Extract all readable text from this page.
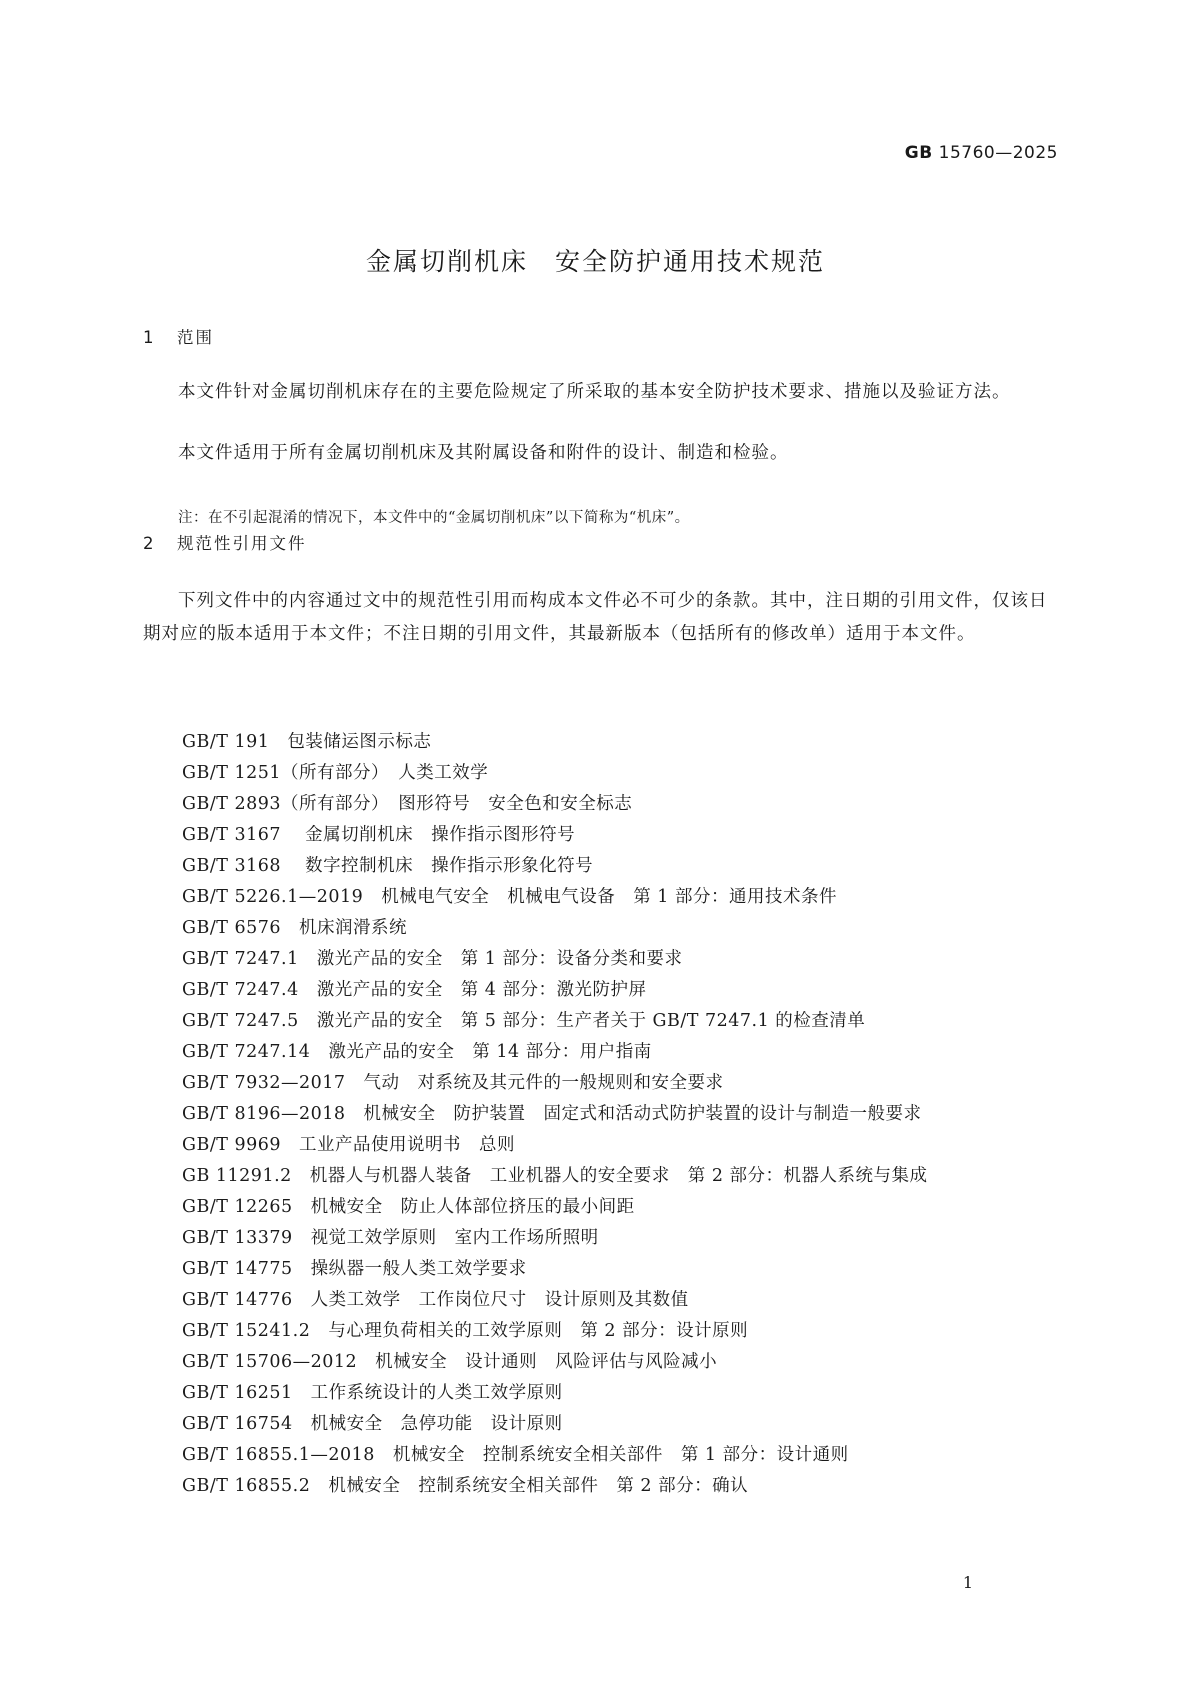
GB 15760—2025
金属切削机床　安全防护通用技术规范
1 范围

本文件针对金属切削机床存在的主要危险规定了所采取的基本安全防护技术要求、措施以及验证方法。

本文件适用于所有金属切削机床及其附属设备和附件的设计、制造和检验。

注：在不引起混淆的情况下，本文件中的“金属切削机床”以下简称为“机床”。
2 规范性引用文件

下列文件中的内容通过文中的规范性引用而构成本文件必不可少的条款。其中，注日期的引用文件，仅该日期对应的版本适用于本文件；不注日期的引用文件，其最新版本（包括所有的修改单）适用于本文件。

GB/T 191　包装储运图示标志
GB/T 1251（所有部分）　人类工效学
GB/T 2893（所有部分）　图形符号　安全色和安全标志
GB/T 3167　 金属切削机床　操作指示图形符号
GB/T 3168　 数字控制机床　操作指示形象化符号
GB/T 5226.1—2019　机械电气安全　机械电气设备　第 1 部分：通用技术条件
GB/T 6576　机床润滑系统
GB/T 7247.1　激光产品的安全　第 1 部分：设备分类和要求
GB/T 7247.4　激光产品的安全　第 4 部分：激光防护屏
GB/T 7247.5　激光产品的安全　第 5 部分：生产者关于 GB/T 7247.1 的检查清单
GB/T 7247.14　激光产品的安全　第 14 部分：用户指南
GB/T 7932—2017　气动　对系统及其元件的一般规则和安全要求
GB/T 8196—2018　机械安全　防护装置　固定式和活动式防护装置的设计与制造一般要求
GB/T 9969　工业产品使用说明书　总则
GB 11291.2　机器人与机器人装备　工业机器人的安全要求　第 2 部分：机器人系统与集成
GB/T 12265　机械安全　防止人体部位挤压的最小间距
GB/T 13379　视觉工效学原则　室内工作场所照明
GB/T 14775　操纵器一般人类工效学要求
GB/T 14776　人类工效学　工作岗位尺寸　设计原则及其数值
GB/T 15241.2　与心理负荷相关的工效学原则　第 2 部分：设计原则
GB/T 15706—2012　机械安全　设计通则　风险评估与风险减小
GB/T 16251　工作系统设计的人类工效学原则
GB/T 16754　机械安全　急停功能　设计原则
GB/T 16855.1—2018　机械安全　控制系统安全相关部件　第 1 部分：设计通则
GB/T 16855.2　机械安全　控制系统安全相关部件　第 2 部分：确认
1
